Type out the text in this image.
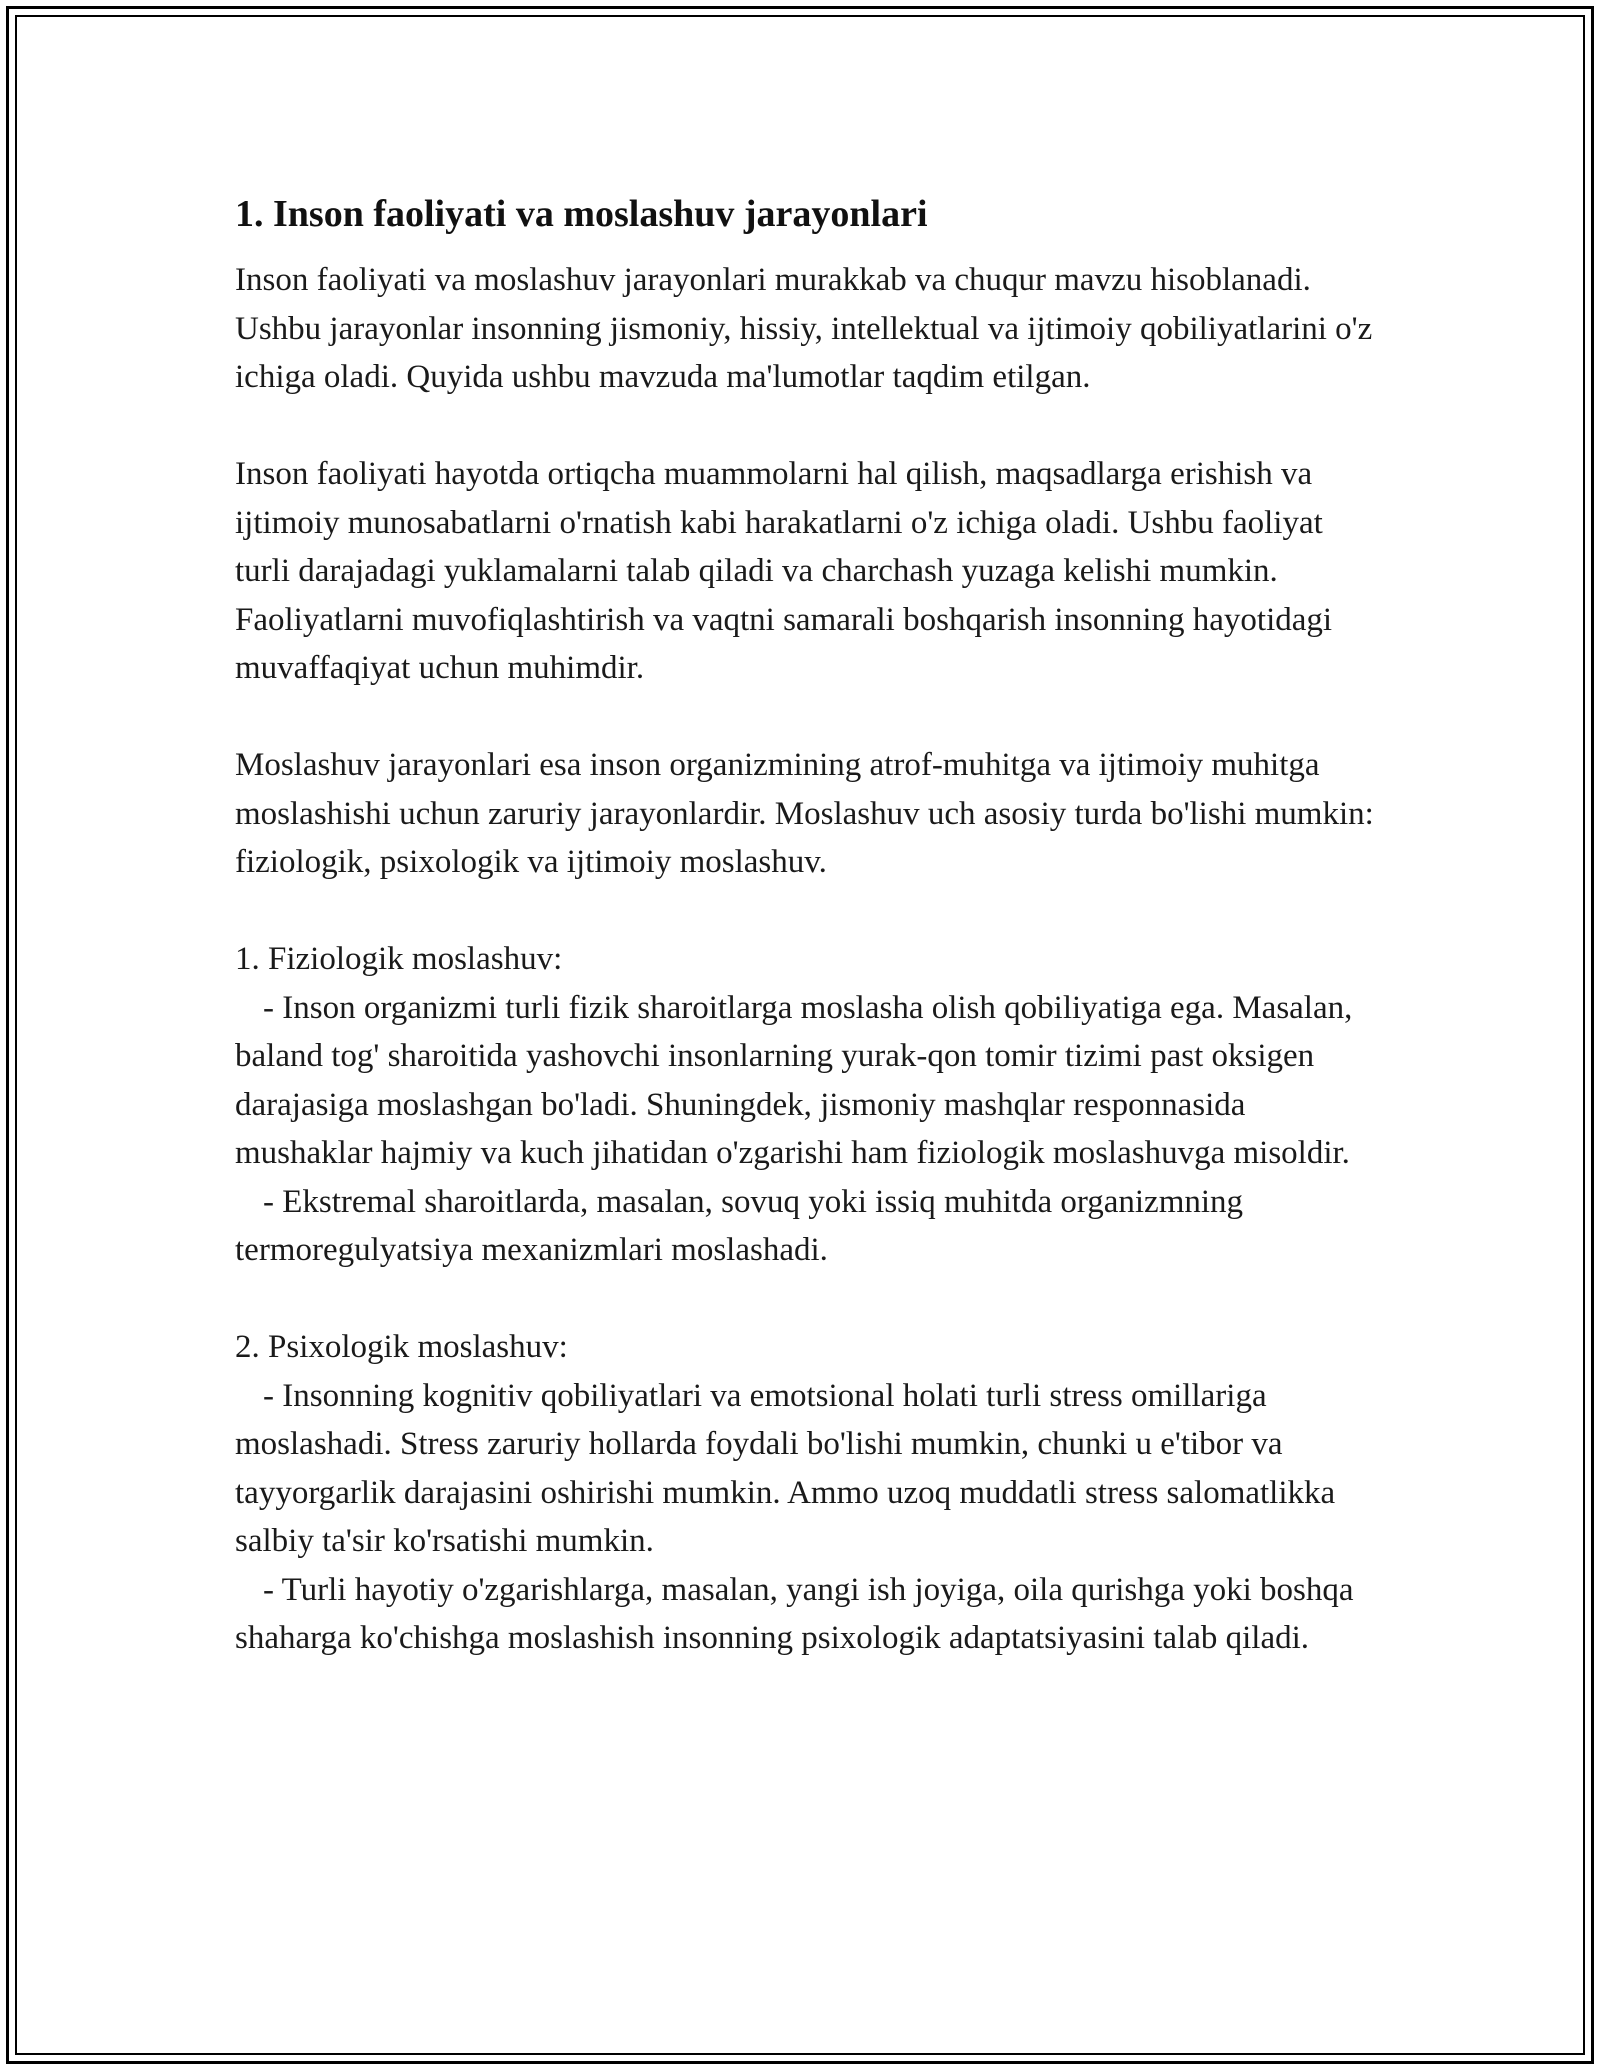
1. Inson faoliyati va moslashuv jarayonlari

Inson faoliyati va moslashuv jarayonlari murakkab va chuqur mavzu hisoblanadi. Ushbu jarayonlar insonning jismoniy, hissiy, intellektual va ijtimoiy qobiliyatlarini o'z ichiga oladi. Quyida ushbu mavzuda ma'lumotlar taqdim etilgan.

Inson faoliyati hayotda ortiqcha muammolarni hal qilish, maqsadlarga erishish va ijtimoiy munosabatlarni o'rnatish kabi harakatlarni o'z ichiga oladi. Ushbu faoliyat turli darajadagi yuklamalarni talab qiladi va charchash yuzaga kelishi mumkin. Faoliyatlarni muvofiqlashtirish va vaqtni samarali boshqarish insonning hayotidagi muvaffaqiyat uchun muhimdir.

Moslashuv jarayonlari esa inson organizmining atrof-muhitga va ijtimoiy muhitga moslashishi uchun zaruriy jarayonlardir. Moslashuv uch asosiy turda bo'lishi mumkin: fiziologik, psixologik va ijtimoiy moslashuv.

1. Fiziologik moslashuv:
- Inson organizmi turli fizik sharoitlarga moslasha olish qobiliyatiga ega. Masalan, baland tog' sharoitida yashovchi insonlarning yurak-qon tomir tizimi past oksigen darajasiga moslashgan bo'ladi. Shuningdek, jismoniy mashqlar responnasida mushaklar hajmiy va kuch jihatidan o'zgarishi ham fiziologik moslashuvga misoldir.
- Ekstremal sharoitlarda, masalan, sovuq yoki issiq muhitda organizmning termoregulyatsiya mexanizmlari moslashadi.
2. Psixologik moslashuv:
- Insonning kognitiv qobiliyatlari va emotsional holati turli stress omillariga moslashadi. Stress zaruriy hollarda foydali bo'lishi mumkin, chunki u e'tibor va tayyorgarlik darajasini oshirishi mumkin. Ammo uzoq muddatli stress salomatlikka salbiy ta'sir ko'rsatishi mumkin.
- Turli hayotiy o'zgarishlarga, masalan, yangi ish joyiga, oila qurishga yoki boshqa shaharga ko'chishga moslashish insonning psixologik adaptatsiyasini talab qiladi.
